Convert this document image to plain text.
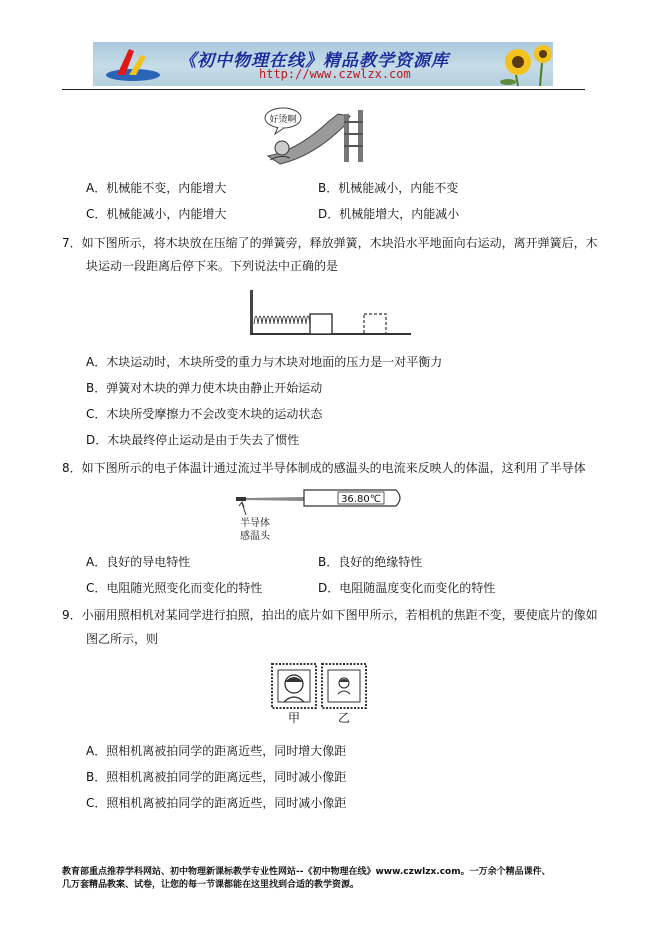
《初中物理在线》精品教学资源库
http://www.czwlzx.com
好烫啊
A．机械能不变，内能增大	B．机械能减小，内能不变
C．机械能减小，内能增大	D．机械能增大，内能减小
7．如下图所示，将木块放在压缩了的弹簧旁，释放弹簧，木块沿水平地面向右运动，离开弹簧后，木
块运动一段距离后停下来。下列说法中正确的是
A．木块运动时，木块所受的重力与木块对地面的压力是一对平衡力
B．弹簧对木块的弹力使木块由静止开始运动
C．木块所受摩擦力不会改变木块的运动状态
D．木块最终停止运动是由于失去了惯性
8．如下图所示的电子体温计通过流过半导体制成的感温头的电流来反映人的体温，这利用了半导体
36.80℃
半导体
感温头
A．良好的导电特性	B．良好的绝缘特性
C．电阻随光照变化而变化的特性	D．电阻随温度变化而变化的特性
9．小丽用照相机对某同学进行拍照，拍出的底片如下图甲所示，若相机的焦距不变，要使底片的像如
图乙所示，则
甲	乙
A．照相机离被拍同学的距离近些，同时增大像距
B．照相机离被拍同学的距离远些，同时减小像距
C．照相机离被拍同学的距离近些，同时减小像距
教育部重点推荐学科网站、初中物理新课标教学专业性网站--《初中物理在线》www.czwlzx.com。一万余个精品课件、
几万套精品教案、试卷，让您的每一节课都能在这里找到合适的教学资源。
